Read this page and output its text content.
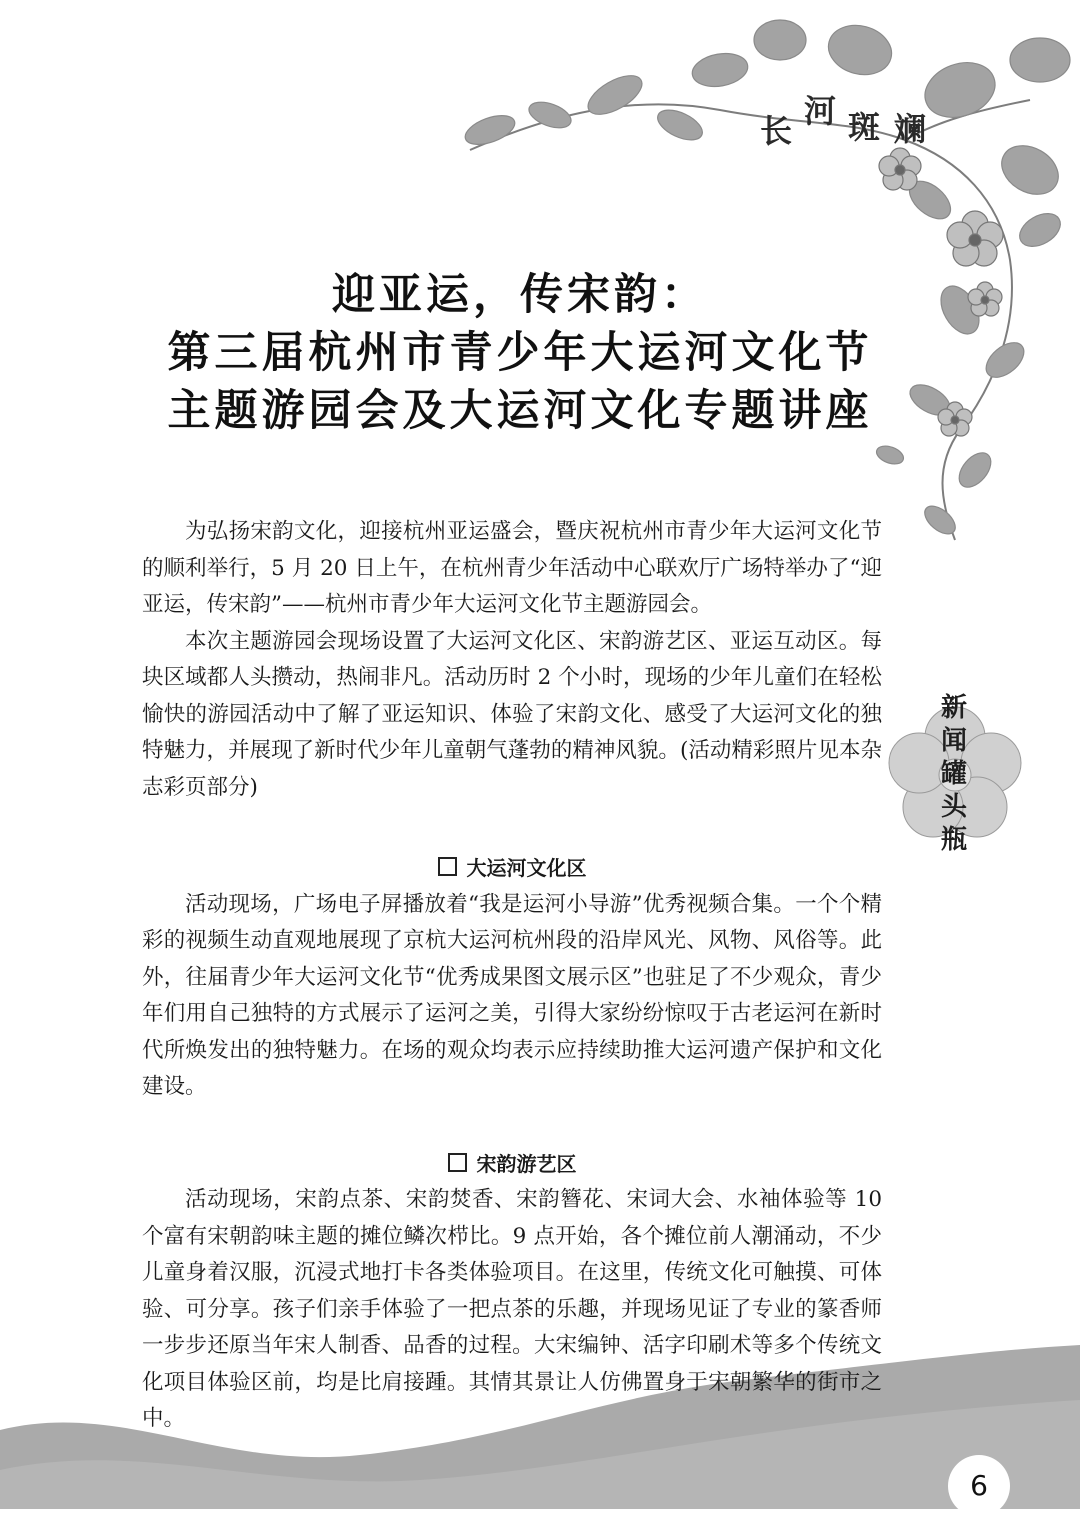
长
河 斑 斓
迎亚运，传宋韵：
第三届杭州市青少年大运河文化节
主题游园会及大运河文化专题讲座
新
闻
罐
头
瓶

为弘扬宋韵文化，迎接杭州亚运盛会，暨庆祝杭州市青少年大运河文化节的顺利举行，5 月 20 日上午，在杭州青少年活动中心联欢厅广场特举办了“迎亚运，传宋韵”——杭州市青少年大运河文化节主题游园会。

本次主题游园会现场设置了大运河文化区、宋韵游艺区、亚运互动区。每块区域都人头攒动，热闹非凡。活动历时 2 个小时，现场的少年儿童们在轻松愉快的游园活动中了解了亚运知识、体验了宋韵文化、感受了大运河文化的独特魅力，并展现了新时代少年儿童朝气蓬勃的精神风貌。(活动精彩照片见本杂志彩页部分)

大运河文化区

活动现场，广场电子屏播放着“我是运河小导游”优秀视频合集。一个个精彩的视频生动直观地展现了京杭大运河杭州段的沿岸风光、风物、风俗等。此外，往届青少年大运河文化节“优秀成果图文展示区”也驻足了不少观众，青少年们用自己独特的方式展示了运河之美，引得大家纷纷惊叹于古老运河在新时代所焕发出的独特魅力。在场的观众均表示应持续助推大运河遗产保护和文化建设。

宋韵游艺区

活动现场，宋韵点茶、宋韵焚香、宋韵簪花、宋词大会、水袖体验等 10 个富有宋朝韵味主题的摊位鳞次栉比。9 点开始，各个摊位前人潮涌动，不少儿童身着汉服，沉浸式地打卡各类体验项目。在这里，传统文化可触摸、可体验、可分享。孩子们亲手体验了一把点茶的乐趣，并现场见证了专业的篆香师一步步还原当年宋人制香、品香的过程。大宋编钟、活字印刷术等多个传统文化项目体验区前，均是比肩接踵。其情其景让人仿佛置身于宋朝繁华的街市之中。

6
